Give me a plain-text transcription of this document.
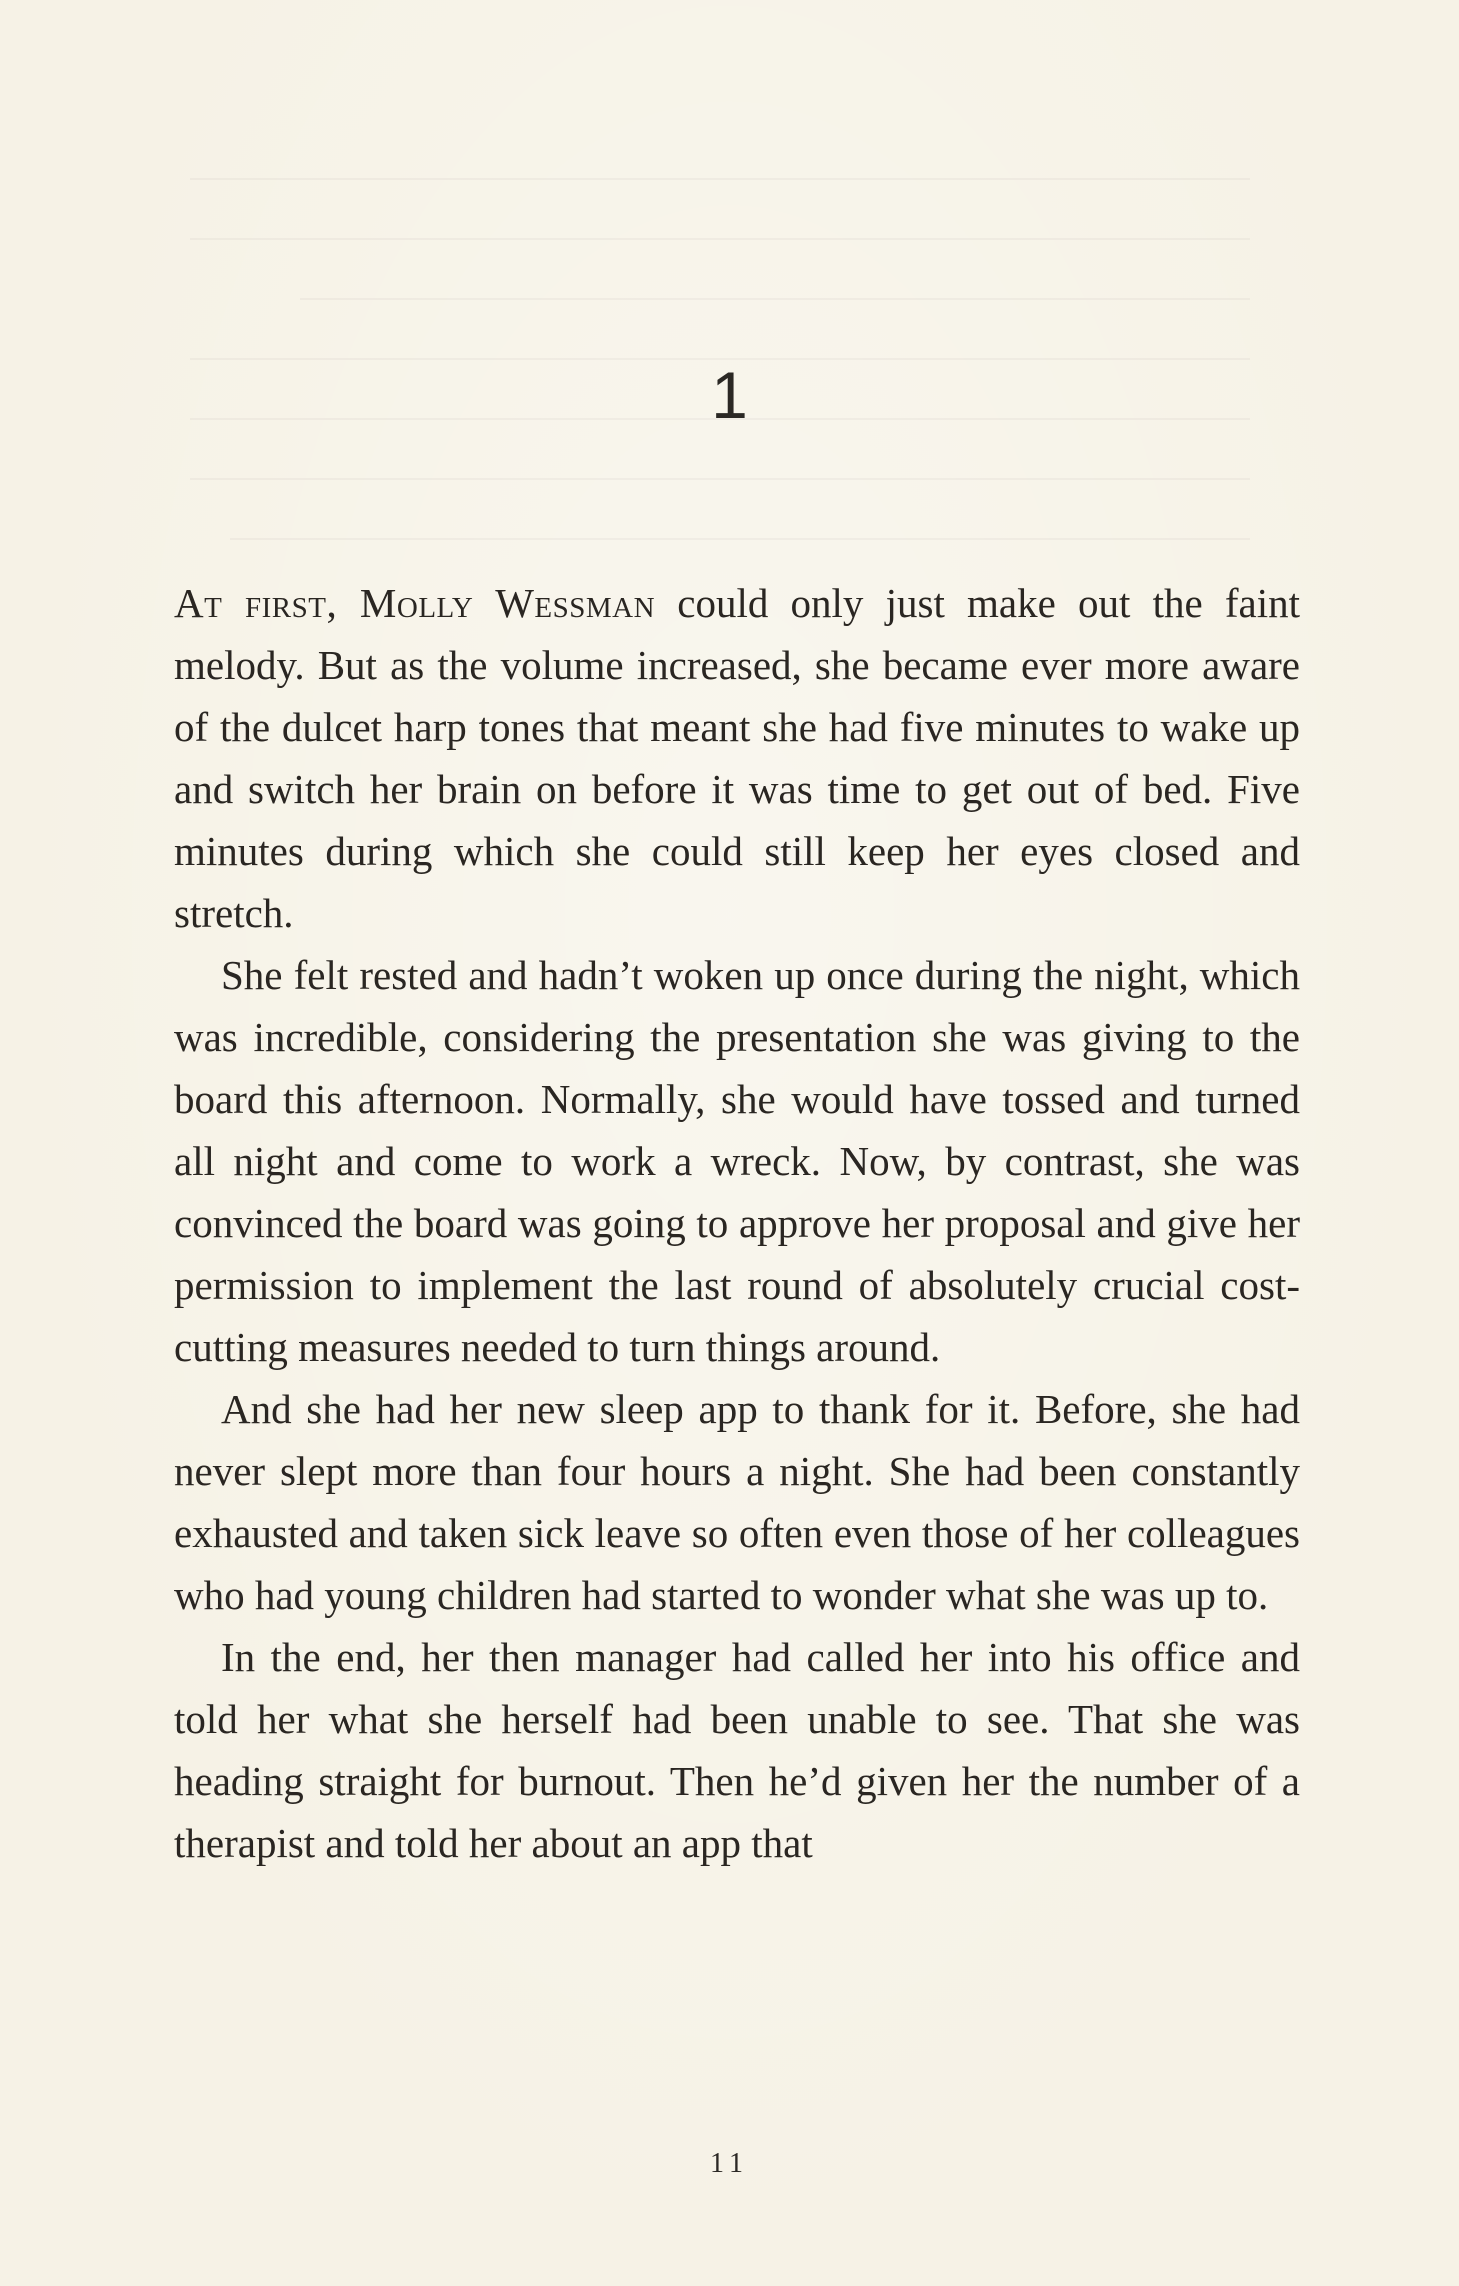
1

At first, Molly Wessman could only just make out the faint melody. But as the volume increased, she became ever more aware of the dulcet harp tones that meant she had five minutes to wake up and switch her brain on before it was time to get out of bed. Five minutes during which she could still keep her eyes closed and stretch.

She felt rested and hadn’t woken up once during the night, which was incredible, considering the presentation she was giving to the board this afternoon. Normally, she would have tossed and turned all night and come to work a wreck. Now, by contrast, she was convinced the board was going to approve her proposal and give her permission to implement the last round of absolutely crucial cost-cutting measures needed to turn things around.

And she had her new sleep app to thank for it. Before, she had never slept more than four hours a night. She had been constantly exhausted and taken sick leave so often even those of her colleagues who had young children had started to wonder what she was up to.

In the end, her then manager had called her into his office and told her what she herself had been unable to see. That she was heading straight for burnout. Then he’d given her the number of a therapist and told her about an app that

11
